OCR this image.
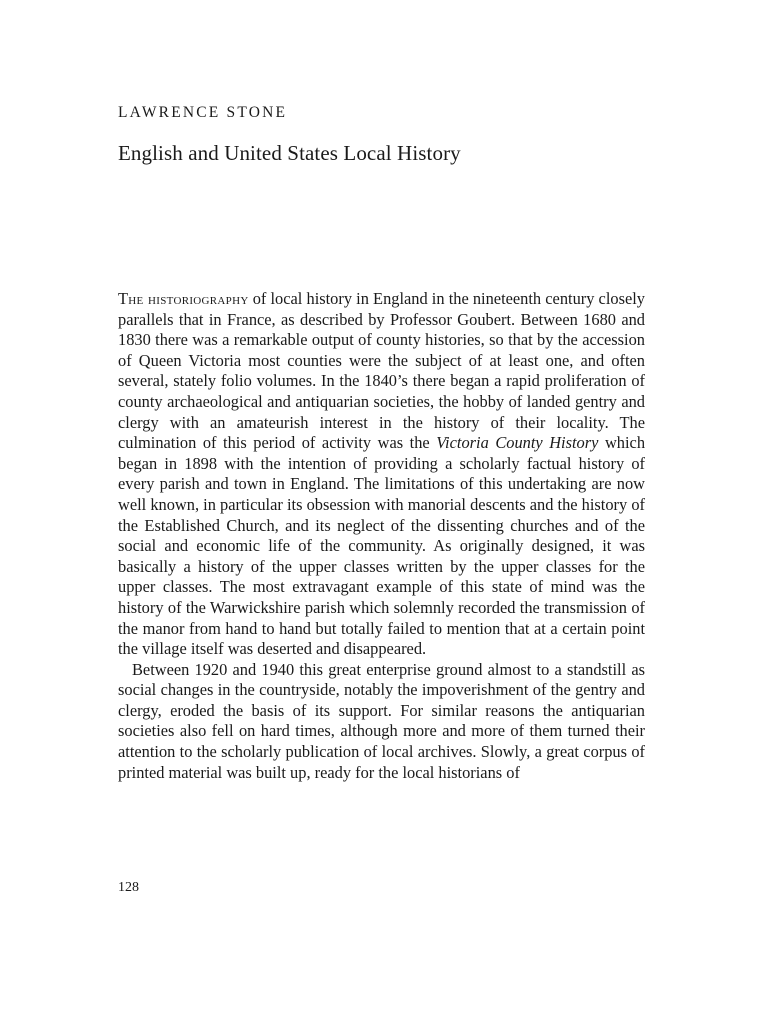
LAWRENCE STONE
English and United States Local History

The historiography of local history in England in the nineteenth century closely parallels that in France, as described by Professor Goubert. Between 1680 and 1830 there was a remarkable output of county histories, so that by the accession of Queen Victoria most counties were the subject of at least one, and often several, stately folio volumes. In the 1840’s there began a rapid proliferation of county archaeological and antiquarian societies, the hobby of landed gentry and clergy with an amateurish interest in the history of their locality. The culmination of this period of activity was the Victoria County History which began in 1898 with the intention of providing a scholarly factual history of every parish and town in England. The limitations of this undertaking are now well known, in particular its obsession with manorial descents and the history of the Established Church, and its neglect of the dissenting churches and of the social and economic life of the community. As originally designed, it was basically a history of the upper classes written by the upper classes for the upper classes. The most extravagant example of this state of mind was the history of the Warwickshire parish which solemnly recorded the transmission of the manor from hand to hand but totally failed to mention that at a certain point the village itself was deserted and disappeared.

Between 1920 and 1940 this great enterprise ground almost to a standstill as social changes in the countryside, notably the impoverishment of the gentry and clergy, eroded the basis of its support. For similar reasons the antiquarian societies also fell on hard times, although more and more of them turned their attention to the scholarly publication of local archives. Slowly, a great corpus of printed material was built up, ready for the local historians of

128
